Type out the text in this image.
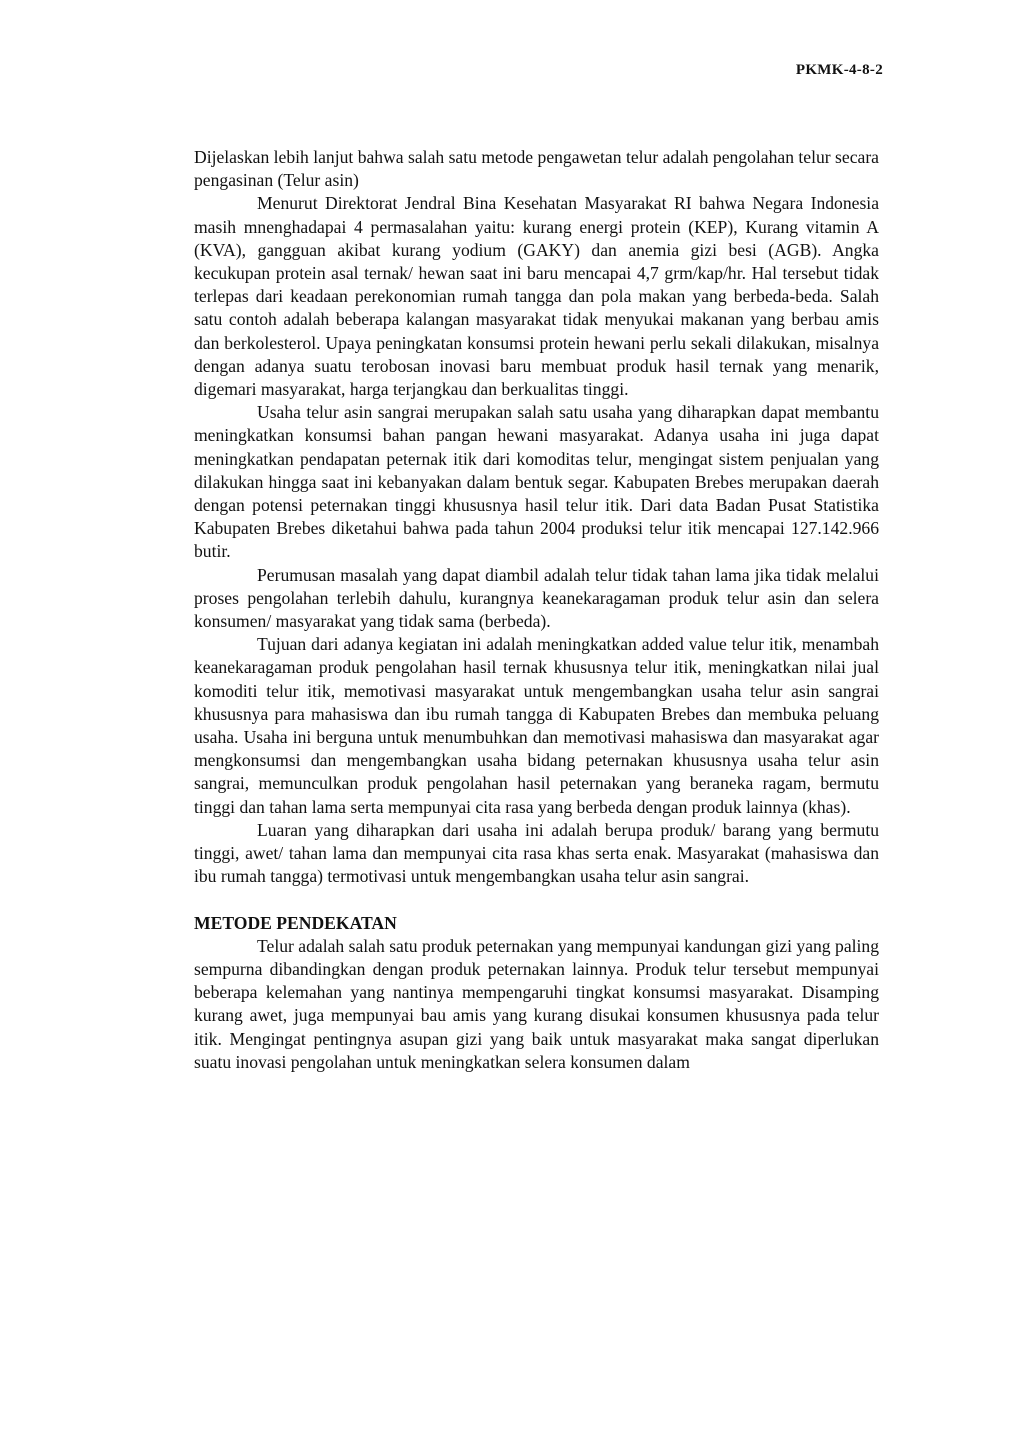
PKMK-4-8-2

Dijelaskan lebih lanjut bahwa salah satu metode pengawetan telur adalah pengolahan telur secara pengasinan (Telur asin)

Menurut Direktorat Jendral Bina Kesehatan Masyarakat RI bahwa Negara Indonesia masih mnenghadapai 4 permasalahan yaitu: kurang energi protein (KEP), Kurang vitamin A (KVA), gangguan akibat kurang yodium (GAKY) dan anemia gizi besi (AGB). Angka kecukupan protein asal ternak/ hewan saat ini baru mencapai 4,7 grm/kap/hr. Hal tersebut tidak terlepas dari keadaan perekonomian rumah tangga dan pola makan yang berbeda-beda. Salah satu contoh adalah beberapa kalangan masyarakat tidak menyukai makanan yang berbau amis dan berkolesterol. Upaya peningkatan konsumsi protein hewani perlu sekali dilakukan, misalnya dengan adanya suatu terobosan inovasi baru membuat produk hasil ternak yang menarik, digemari masyarakat, harga terjangkau dan berkualitas tinggi.

Usaha telur asin sangrai merupakan salah satu usaha yang diharapkan dapat membantu meningkatkan konsumsi bahan pangan hewani masyarakat. Adanya usaha ini juga dapat meningkatkan pendapatan peternak itik dari komoditas telur, mengingat sistem penjualan yang dilakukan hingga saat ini kebanyakan dalam bentuk segar. Kabupaten Brebes merupakan daerah dengan potensi peternakan tinggi khususnya hasil telur itik. Dari data Badan Pusat Statistika Kabupaten Brebes diketahui bahwa pada tahun 2004 produksi telur itik mencapai 127.142.966 butir.

Perumusan masalah yang dapat diambil adalah telur tidak tahan lama jika tidak melalui proses pengolahan terlebih dahulu, kurangnya keanekaragaman produk telur asin dan selera konsumen/ masyarakat yang tidak sama (berbeda).

Tujuan dari adanya kegiatan ini adalah meningkatkan added value telur itik, menambah keanekaragaman produk pengolahan hasil ternak khususnya telur itik, meningkatkan nilai jual komoditi telur itik, memotivasi masyarakat untuk mengembangkan usaha telur asin sangrai khususnya para mahasiswa dan ibu rumah tangga di Kabupaten Brebes dan membuka peluang usaha. Usaha ini berguna untuk menumbuhkan dan memotivasi mahasiswa dan masyarakat agar mengkonsumsi dan mengembangkan usaha bidang peternakan khususnya usaha telur asin sangrai, memunculkan produk pengolahan hasil peternakan yang beraneka ragam, bermutu tinggi dan tahan lama serta mempunyai cita rasa yang berbeda dengan produk lainnya (khas).

Luaran yang diharapkan dari usaha ini adalah berupa produk/ barang yang bermutu tinggi, awet/ tahan lama dan mempunyai cita rasa khas serta enak. Masyarakat (mahasiswa dan ibu rumah tangga) termotivasi untuk mengembangkan usaha telur asin sangrai.

METODE PENDEKATAN

Telur adalah salah satu produk peternakan yang mempunyai kandungan gizi yang paling sempurna dibandingkan dengan produk peternakan lainnya. Produk telur tersebut mempunyai beberapa kelemahan yang nantinya mempengaruhi tingkat konsumsi masyarakat. Disamping kurang awet, juga mempunyai bau amis yang kurang disukai konsumen khususnya pada telur itik. Mengingat pentingnya asupan gizi yang baik untuk masyarakat maka sangat diperlukan suatu inovasi pengolahan untuk meningkatkan selera konsumen dalam
